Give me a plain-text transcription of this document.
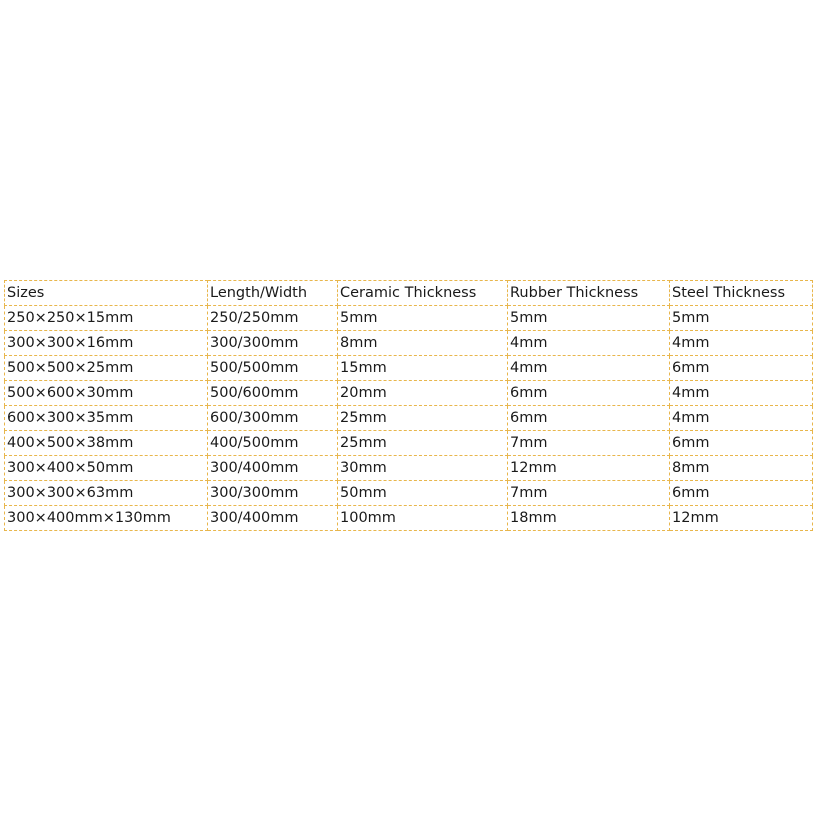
Sizes	Length/Width	Ceramic Thickness	Rubber Thickness	Steel Thickness
250×250×15mm	250/250mm	5mm	5mm	5mm
300×300×16mm	300/300mm	8mm	4mm	4mm
500×500×25mm	500/500mm	15mm	4mm	6mm
500×600×30mm	500/600mm	20mm	6mm	4mm
600×300×35mm	600/300mm	25mm	6mm	4mm
400×500×38mm	400/500mm	25mm	7mm	6mm
300×400×50mm	300/400mm	30mm	12mm	8mm
300×300×63mm	300/300mm	50mm	7mm	6mm
300×400mm×130mm	300/400mm	100mm	18mm	12mm
